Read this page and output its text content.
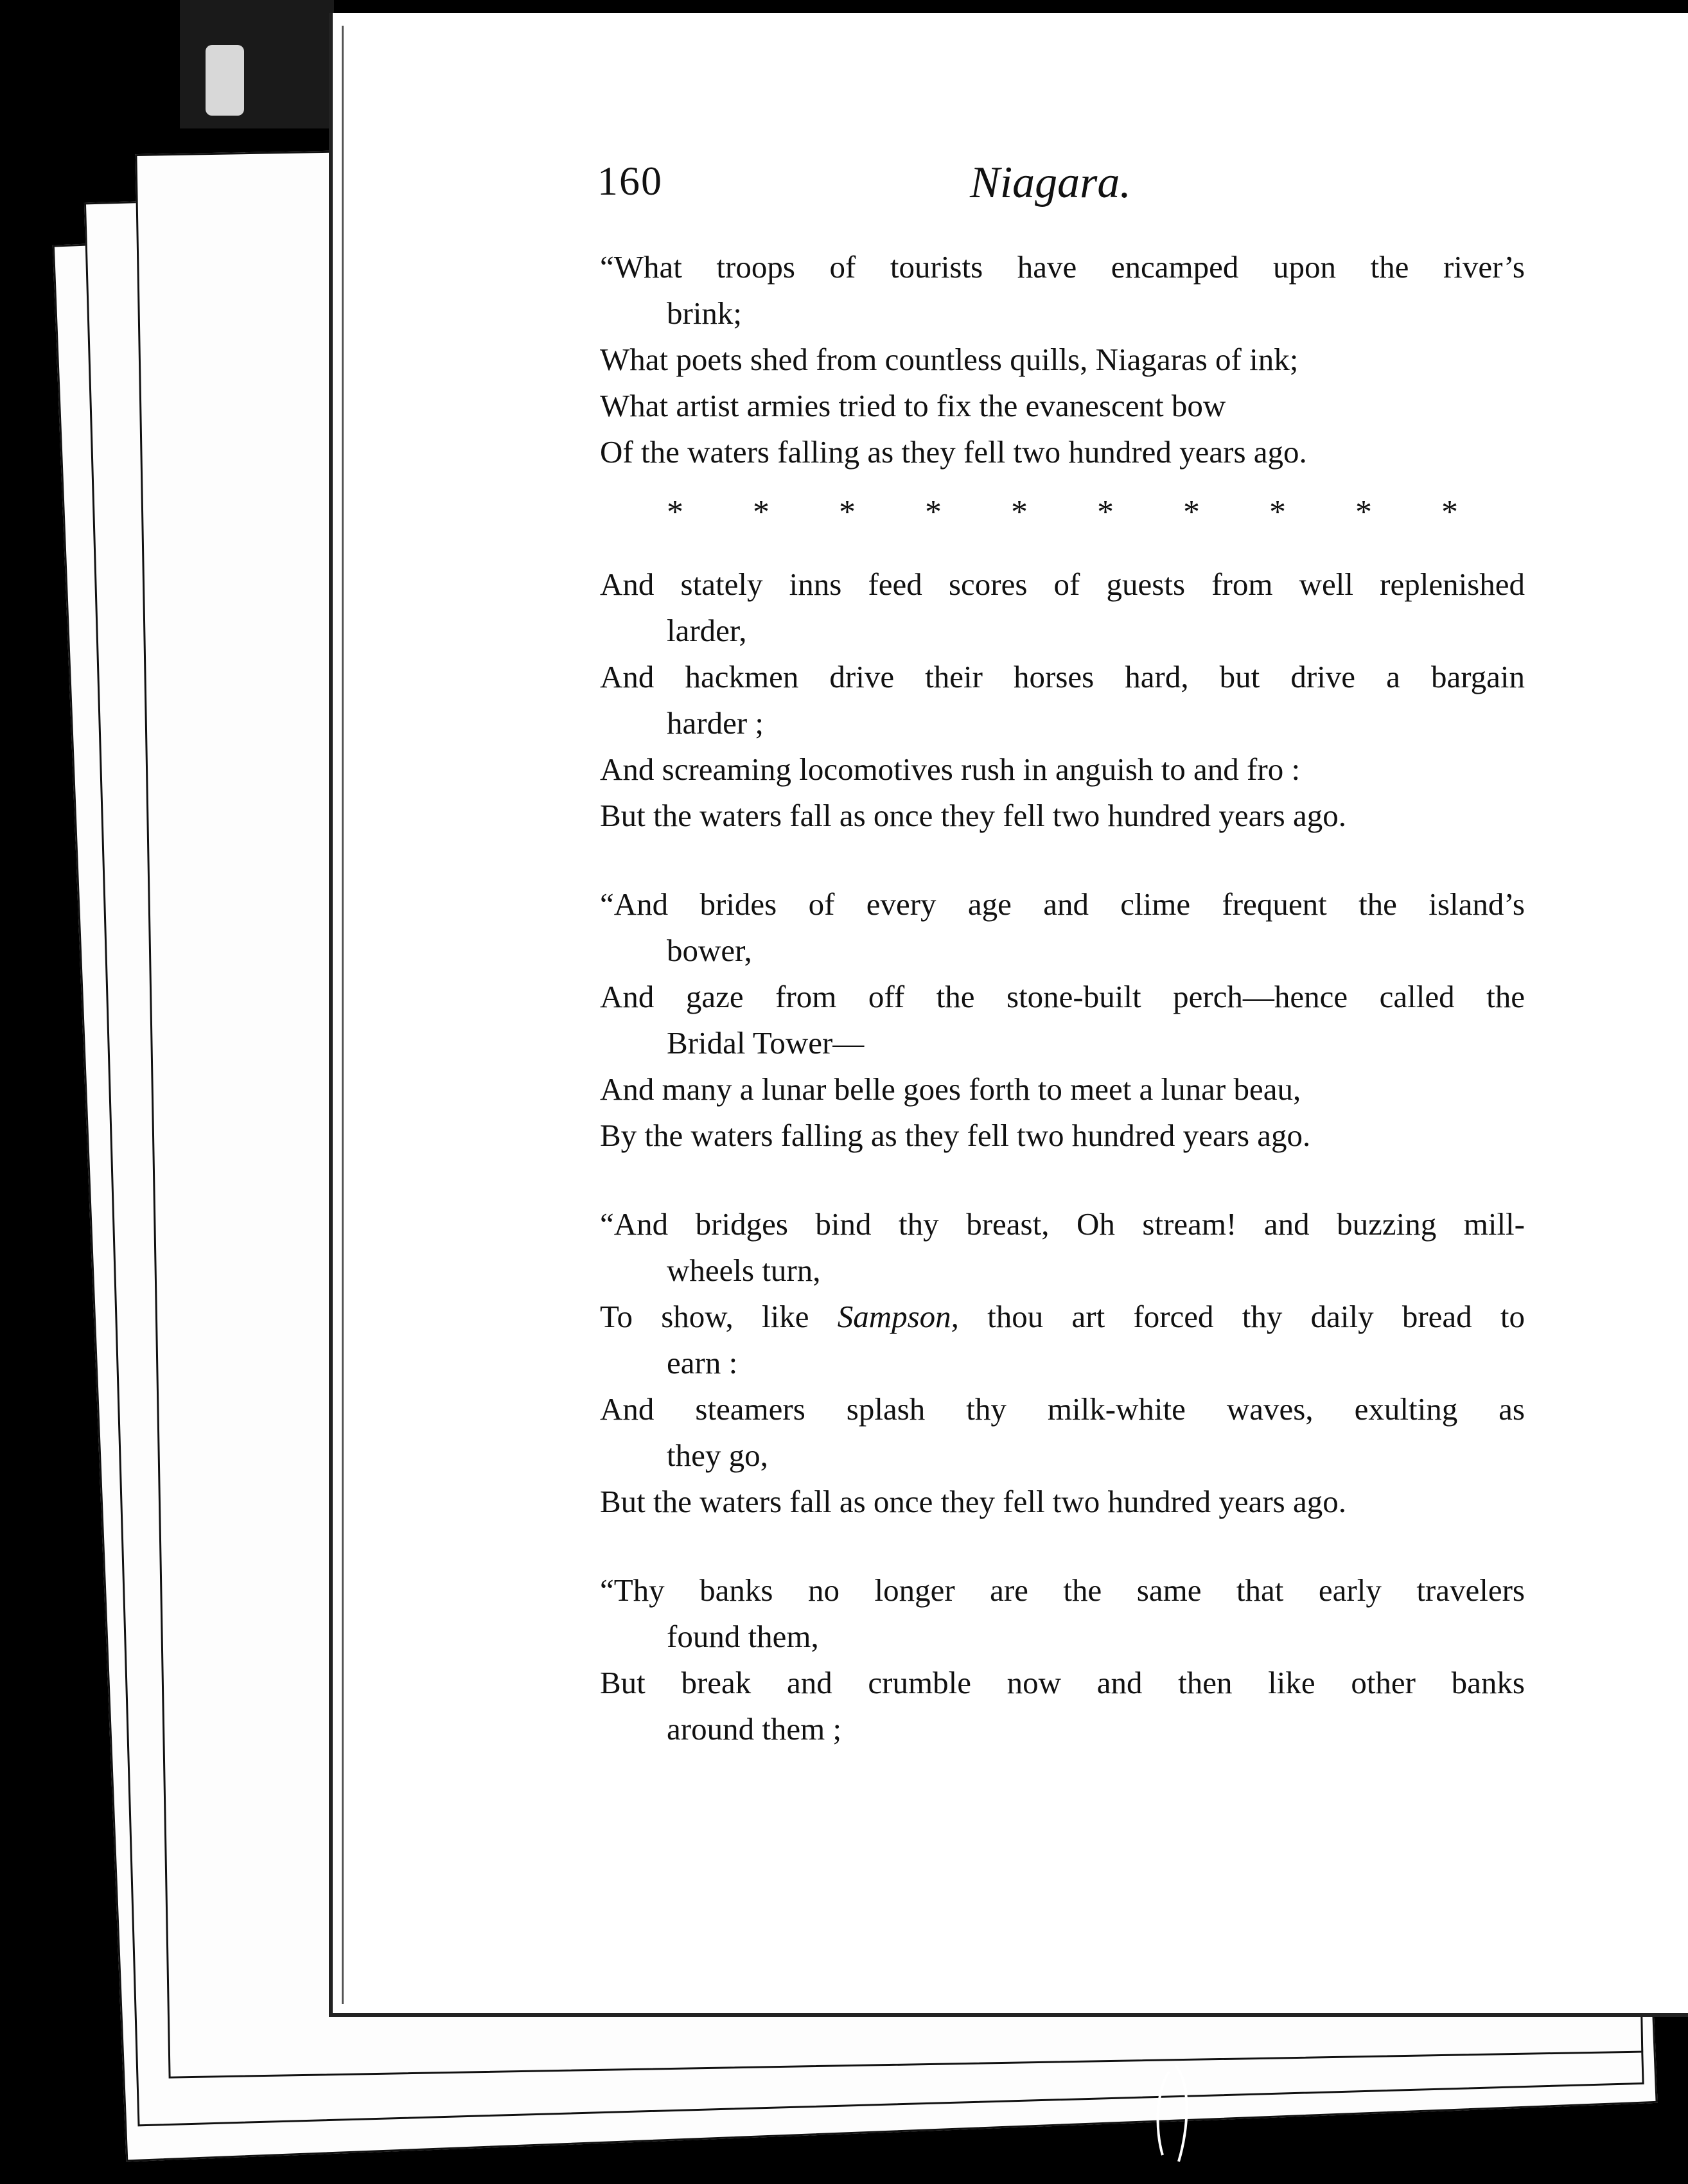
160	Niagara.
“What troops of tourists have encamped upon the river’s
brink;
What poets shed from countless quills, Niagaras of ink;
What artist armies tried to fix the evanescent bow
Of the waters falling as they fell two hundred years ago.
* * * * * * * * * *
And stately inns feed scores of guests from well replenished
larder,
And hackmen drive their horses hard, but drive a bargain
harder ;
And screaming locomotives rush in anguish to and fro :
But the waters fall as once they fell two hundred years ago.
“And brides of every age and clime frequent the island’s
bower,
And gaze from off the stone-built perch—hence called the
Bridal Tower—
And many a lunar belle goes forth to meet a lunar beau,
By the waters falling as they fell two hundred years ago.
“And bridges bind thy breast, Oh stream! and buzzing mill-
wheels turn,
To show, like Sampson, thou art forced thy daily bread to
earn :
And steamers splash thy milk-white waves, exulting as
they go,
But the waters fall as once they fell two hundred years ago.
“Thy banks no longer are the same that early travelers
found them,
But break and crumble now and then like other banks
around them ;
